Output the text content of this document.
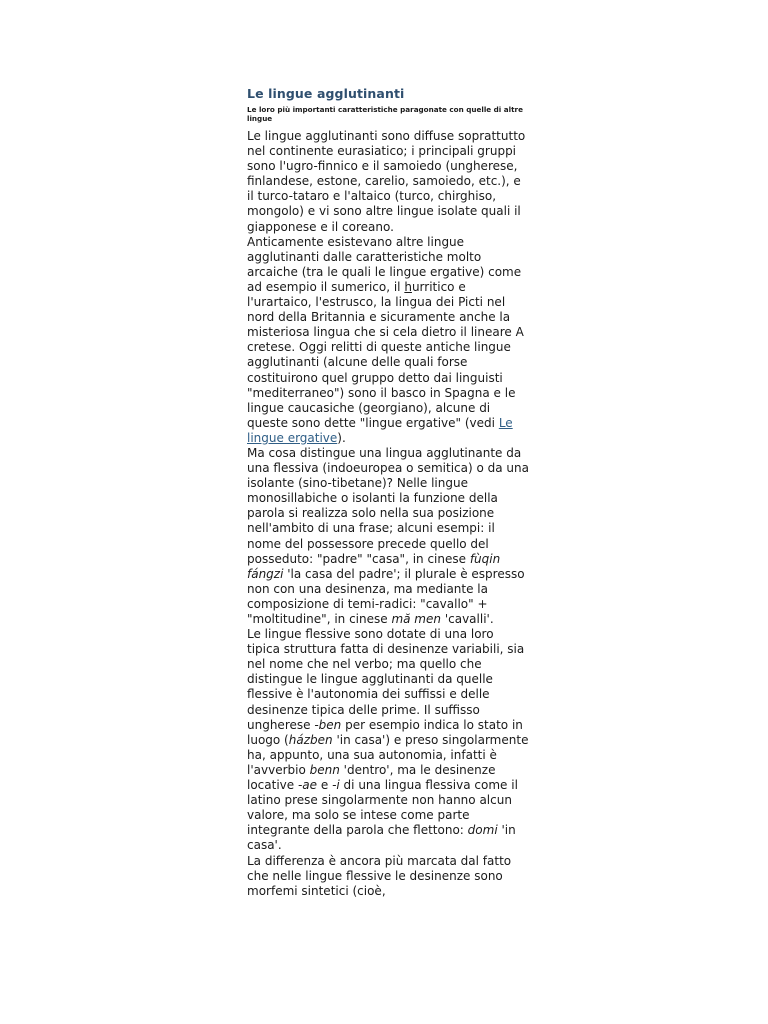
Le lingue agglutinanti
Le loro più importanti caratteristiche paragonate con quelle di altre lingue

Le lingue agglutinanti sono diffuse soprattutto nel continente eurasiatico; i principali gruppi sono l'ugro-finnico e il samoiedo (ungherese, finlandese, estone, carelio, samoiedo, etc.), e il turco-tataro e l'altaico (turco, chirghiso, mongolo) e vi sono altre lingue isolate quali il giapponese e il coreano.

Anticamente esistevano altre lingue agglutinanti dalle caratteristiche molto arcaiche (tra le quali le lingue ergative) come ad esempio il sumerico, il hurritico e l'urartaico, l'estrusco, la lingua dei Picti nel nord della Britannia e sicuramente anche la misteriosa lingua che si cela dietro il lineare A cretese. Oggi relitti di queste antiche lingue agglutinanti (alcune delle quali forse costituirono quel gruppo detto dai linguisti "mediterraneo") sono il basco in Spagna e le lingue caucasiche (georgiano), alcune di queste sono dette "lingue ergative" (vedi Le lingue ergative).

Ma cosa distingue una lingua agglutinante da una flessiva (indoeuropea o semitica) o da una isolante (sino-tibetane)? Nelle lingue monosillabiche o isolanti la funzione della parola si realizza solo nella sua posizione nell'ambito di una frase; alcuni esempi: il nome del possessore precede quello del posseduto: "padre" "casa", in cinese fùqin fángzi 'la casa del padre'; il plurale è espresso non con una desinenza, ma mediante la composizione di temi-radici: "cavallo" + "moltitudine", in cinese mă men 'cavalli'.

Le lingue flessive sono dotate di una loro tipica struttura fatta di desinenze variabili, sia nel nome che nel verbo; ma quello che distingue le lingue agglutinanti da quelle flessive è l'autonomia dei suffissi e delle desinenze tipica delle prime. Il suffisso ungherese -ben per esempio indica lo stato in luogo (házben 'in casa') e preso singolarmente ha, appunto, una sua autonomia, infatti è l'avverbio benn 'dentro', ma le desinenze locative -ae e -i di una lingua flessiva come il latino prese singolarmente non hanno alcun valore, ma solo se intese come parte integrante della parola che flettono: domi 'in casa'.

La differenza è ancora più marcata dal fatto che nelle lingue flessive le desinenze sono morfemi sintetici (cioè,
